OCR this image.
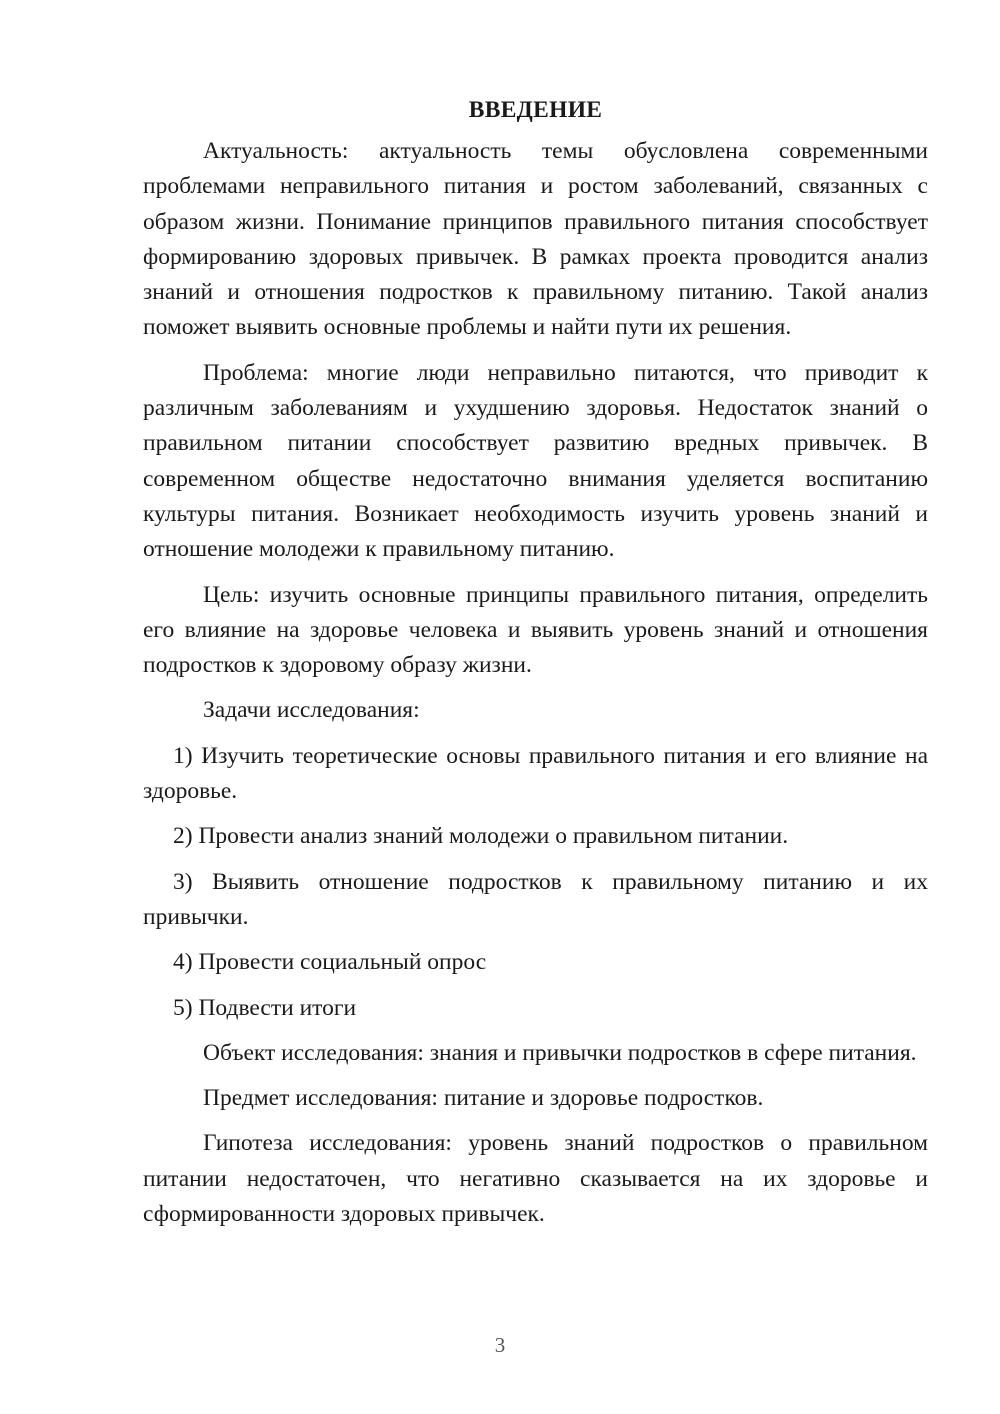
ВВЕДЕНИЕ

Актуальность: актуальность темы обусловлена современными проблемами неправильного питания и ростом заболеваний, связанных с образом жизни. Понимание принципов правильного питания способствует формированию здоровых привычек. В рамках проекта проводится анализ знаний и отношения подростков к правильному питанию. Такой анализ поможет выявить основные проблемы и найти пути их решения.

Проблема: многие люди неправильно питаются, что приводит к различным заболеваниям и ухудшению здоровья. Недостаток знаний о правильном питании способствует развитию вредных привычек. В современном обществе недостаточно внимания уделяется воспитанию культуры питания. Возникает необходимость изучить уровень знаний и отношение молодежи к правильному питанию.

Цель: изучить основные принципы правильного питания, определить его влияние на здоровье человека и выявить уровень знаний и отношения подростков к здоровому образу жизни.

Задачи исследования:

1) Изучить теоретические основы правильного питания и его влияние на здоровье.

2) Провести анализ знаний молодежи о правильном питании.

3) Выявить отношение подростков к правильному питанию и их привычки.

4) Провести социальный опрос

5) Подвести итоги

Объект исследования: знания и привычки подростков в сфере питания.

Предмет исследования: питание и здоровье подростков.

Гипотеза исследования: уровень знаний подростков о правильном питании недостаточен, что негативно сказывается на их здоровье и сформированности здоровых привычек.

3
